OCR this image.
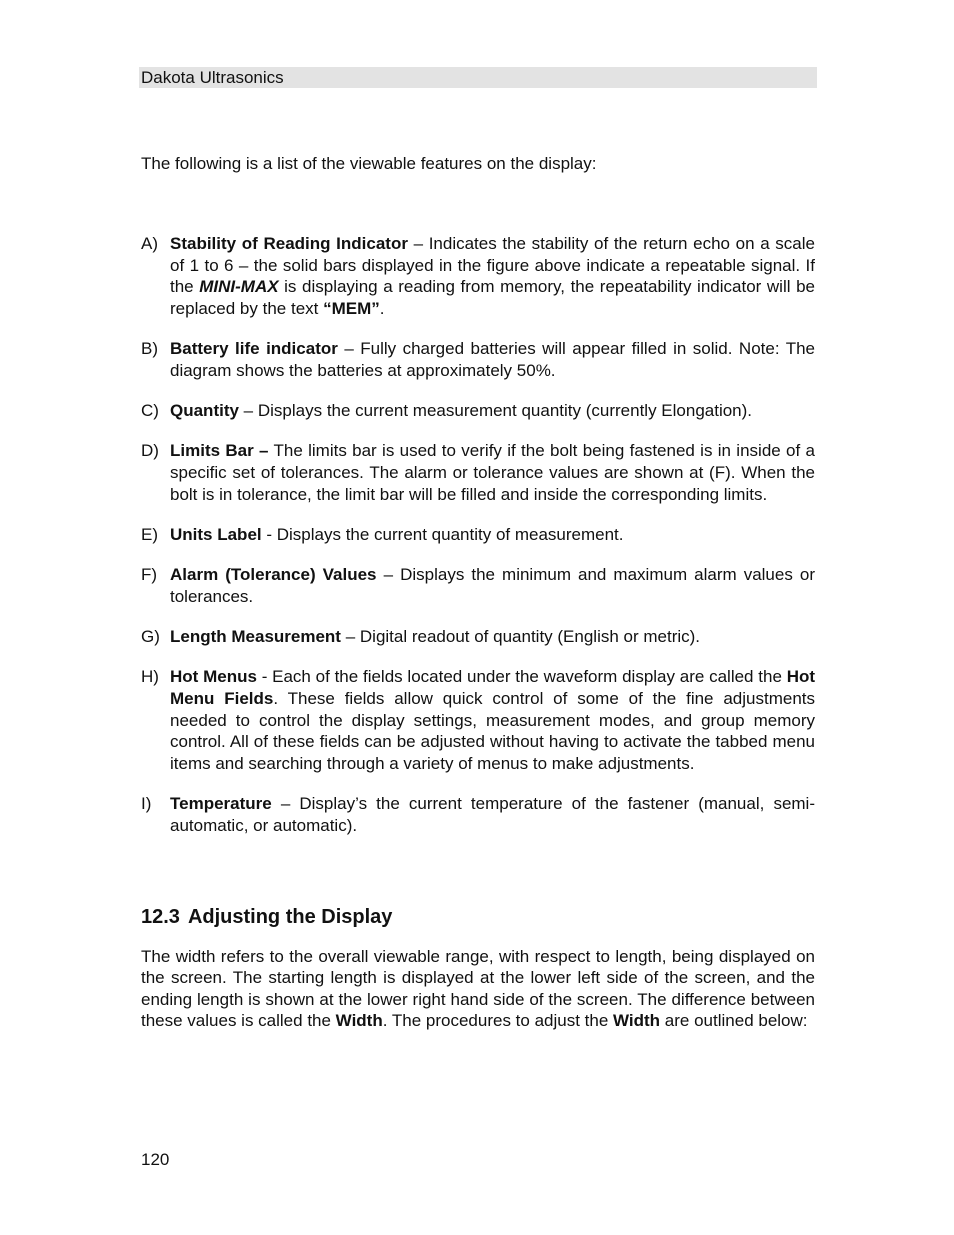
Dakota Ultrasonics
The following is a list of the viewable features on the display:
A) Stability of Reading Indicator – Indicates the stability of the return echo on a scale of 1 to 6 – the solid bars displayed in the figure above indicate a repeatable signal. If the MINI-MAX is displaying a reading from memory, the repeatability indicator will be replaced by the text “MEM”.
B) Battery life indicator – Fully charged batteries will appear filled in solid. Note: The diagram shows the batteries at approximately 50%.
C) Quantity – Displays the current measurement quantity (currently Elongation).
D) Limits Bar – The limits bar is used to verify if the bolt being fastened is in inside of a specific set of tolerances. The alarm or tolerance values are shown at (F). When the bolt is in tolerance, the limit bar will be filled and inside the corresponding limits.
E) Units Label - Displays the current quantity of measurement.
F) Alarm (Tolerance) Values – Displays the minimum and maximum alarm values or tolerances.
G) Length Measurement – Digital readout of quantity (English or metric).
H) Hot Menus - Each of the fields located under the waveform display are called the Hot Menu Fields. These fields allow quick control of some of the fine adjustments needed to control the display settings, measurement modes, and group memory control. All of these fields can be adjusted without having to activate the tabbed menu items and searching through a variety of menus to make adjustments.
I) Temperature – Display’s the current temperature of the fastener (manual, semi-automatic, or automatic).
12.3 Adjusting the Display
The width refers to the overall viewable range, with respect to length, being displayed on the screen. The starting length is displayed at the lower left side of the screen, and the ending length is shown at the lower right hand side of the screen. The difference between these values is called the Width. The procedures to adjust the Width are outlined below:
120
